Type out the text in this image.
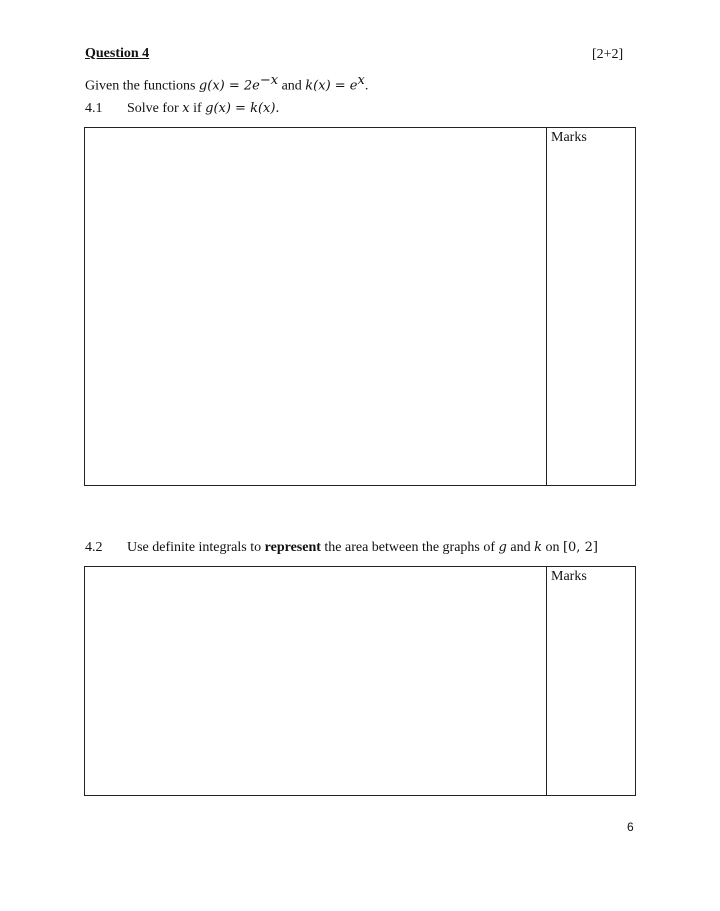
Question 4	[2+2]
Given the functions $g(x) = 2e^{-x}$ and $k(x) = e^x$.
4.1 Solve for x if g(x) = k(x).
Marks
4.2 Use definite integrals to represent the area between the graphs of g and k on [0, 2]
Marks
6
